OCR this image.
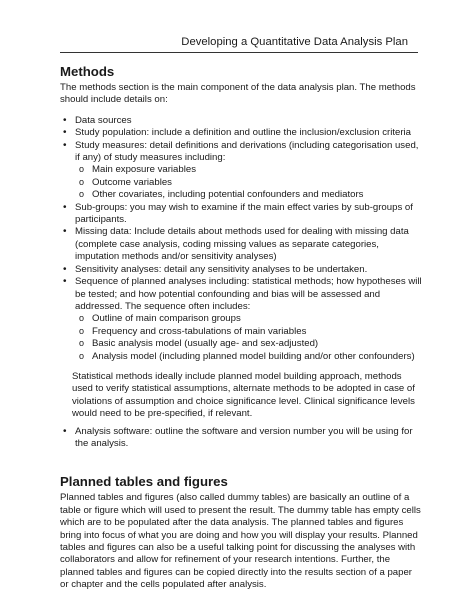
Developing a Quantitative Data Analysis Plan
Methods

The methods section is the main component of the data analysis plan. The methods should include details on:

• Data sources
• Study population: include a definition and outline the inclusion/exclusion criteria
• Study measures: detail definitions and derivations (including categorisation used, if any) of study measures including:
o Main exposure variables
o Outcome variables
o Other covariates, including potential confounders and mediators
• Sub-groups: you may wish to examine if the main effect varies by sub-groups of participants.
• Missing data: Include details about methods used for dealing with missing data (complete case analysis, coding missing values as separate categories, imputation methods and/or sensitivity analyses)
• Sensitivity analyses: detail any sensitivity analyses to be undertaken.
• Sequence of planned analyses including: statistical methods; how hypotheses will be tested; and how potential confounding and bias will be assessed and addressed. The sequence often includes:
o Outline of main comparison groups
o Frequency and cross-tabulations of main variables
o Basic analysis model (usually age- and sex-adjusted)
o Analysis model (including planned model building and/or other confounders)

Statistical methods ideally include planned model building approach, methods used to verify statistical assumptions, alternate methods to be adopted in case of violations of assumption and choice significance level. Clinical significance levels would need to be pre-specified, if relevant.

• Analysis software: outline the software and version number you will be using for the analysis.
Planned tables and figures

Planned tables and figures (also called dummy tables) are basically an outline of a table or figure which will used to present the result. The dummy table has empty cells which are to be populated after the data analysis. The planned tables and figures bring into focus of what you are doing and how you will display your results. Planned tables and figures can also be a useful talking point for discussing the analyses with collaborators and allow for refinement of your research intentions. Further, the planned tables and figures can be copied directly into the results section of a paper or chapter and the cells populated after analysis.
